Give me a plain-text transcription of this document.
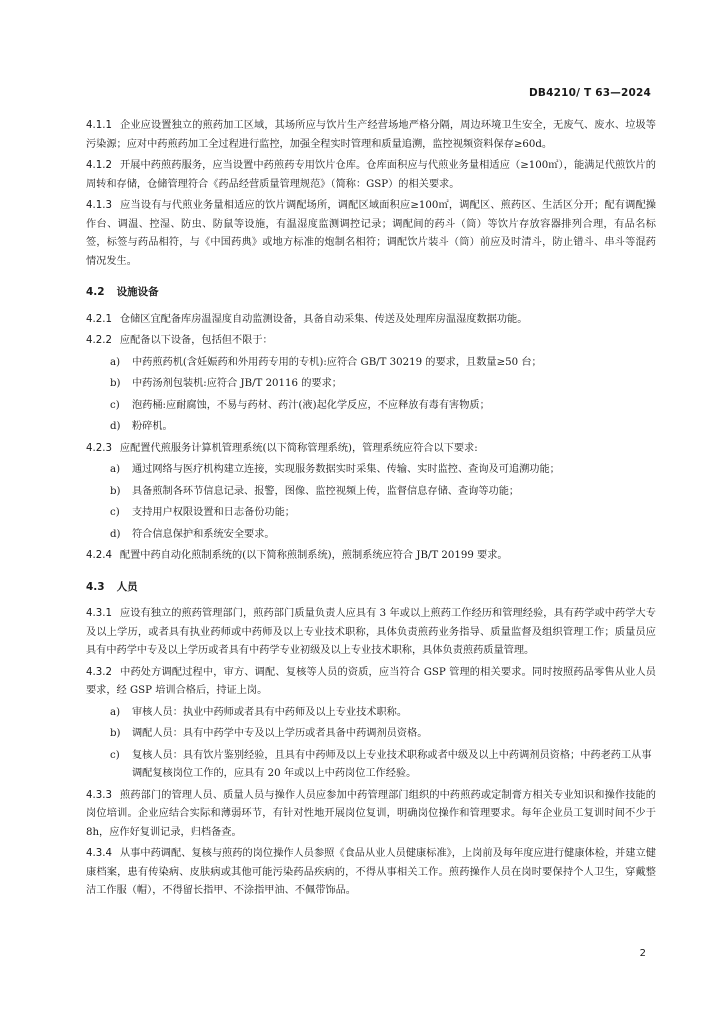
DB4210/ T 63—2024

4.1.1 企业应设置独立的煎药加工区域，其场所应与饮片生产经营场地严格分隔，周边环境卫生安全，无废气、废水、垃圾等污染源；应对中药煎药加工全过程进行监控，加强全程实时管理和质量追溯，监控视频资料保存≥60d。

4.1.2 开展中药煎药服务，应当设置中药煎药专用饮片仓库。仓库面积应与代煎业务量相适应（≥100㎡），能满足代煎饮片的周转和存储，仓储管理符合《药品经营质量管理规范》（简称：GSP）的相关要求。

4.1.3 应当设有与代煎业务量相适应的饮片调配场所，调配区域面积应≥100㎡，调配区、煎药区、生活区分开；配有调配操作台、调温、控湿、防虫、防鼠等设施，有温湿度监测调控记录；调配间的药斗（筒）等饮片存放容器排列合理，有品名标签，标签与药品相符，与《中国药典》或地方标准的炮制名相符；调配饮片装斗（筒）前应及时清斗，防止错斗、串斗等混药情况发生。

4.2 设施设备

4.2.1 仓储区宜配备库房温湿度自动监测设备，具备自动采集、传送及处理库房温湿度数据功能。

4.2.2 应配备以下设备，包括但不限于：

a)	中药煎药机(含妊娠药和外用药专用的专机):应符合 GB/T 30219 的要求，且数量≥50 台；
b)	中药汤剂包装机:应符合 JB/T 20116 的要求；
c)	泡药桶:应耐腐蚀，不易与药材、药汁(液)起化学反应，不应释放有毒有害物质；
d)	粉碎机。

4.2.3 应配置代煎服务计算机管理系统(以下简称管理系统)，管理系统应符合以下要求:

a)	通过网络与医疗机构建立连接，实现服务数据实时采集、传输、实时监控、查询及可追溯功能；
b)	具备煎制各环节信息记录、报警，图像、监控视频上传，监督信息存储、查询等功能；
c)	支持用户权限设置和日志备份功能；
d)	符合信息保护和系统安全要求。

4.2.4 配置中药自动化煎制系统的(以下简称煎制系统)，煎制系统应符合 JB/T 20199 要求。

4.3 人员

4.3.1 应设有独立的煎药管理部门，煎药部门质量负责人应具有 3 年或以上煎药工作经历和管理经验，具有药学或中药学大专及以上学历，或者具有执业药师或中药师及以上专业技术职称，具体负责煎药业务指导、质量监督及组织管理工作；质量员应具有中药学中专及以上学历或者具有中药学专业初级及以上专业技术职称，具体负责煎药质量管理。

4.3.2 中药处方调配过程中，审方、调配、复核等人员的资质，应当符合 GSP 管理的相关要求。同时按照药品零售从业人员要求，经 GSP 培训合格后，持证上岗。

a)	审核人员：执业中药师或者具有中药师及以上专业技术职称。
b)	调配人员：具有中药学中专及以上学历或者具备中药调剂员资格。
c)	复核人员：具有饮片鉴别经验，且具有中药师及以上专业技术职称或者中级及以上中药调剂员资格；中药老药工从事调配复核岗位工作的，应具有 20 年或以上中药岗位工作经验。

4.3.3 煎药部门的管理人员、质量人员与操作人员应参加中药管理部门组织的中药煎药或定制膏方相关专业知识和操作技能的岗位培训。企业应结合实际和薄弱环节，有针对性地开展岗位复训，明确岗位操作和管理要求。每年企业员工复训时间不少于 8h，应作好复训记录，归档备查。

4.3.4 从事中药调配、复核与煎药的岗位操作人员参照《食品从业人员健康标准》，上岗前及每年度应进行健康体检，并建立健康档案，患有传染病、皮肤病或其他可能污染药品疾病的，不得从事相关工作。煎药操作人员在岗时要保持个人卫生，穿戴整洁工作服（帽），不得留长指甲、不涂指甲油、不佩带饰品。

2
